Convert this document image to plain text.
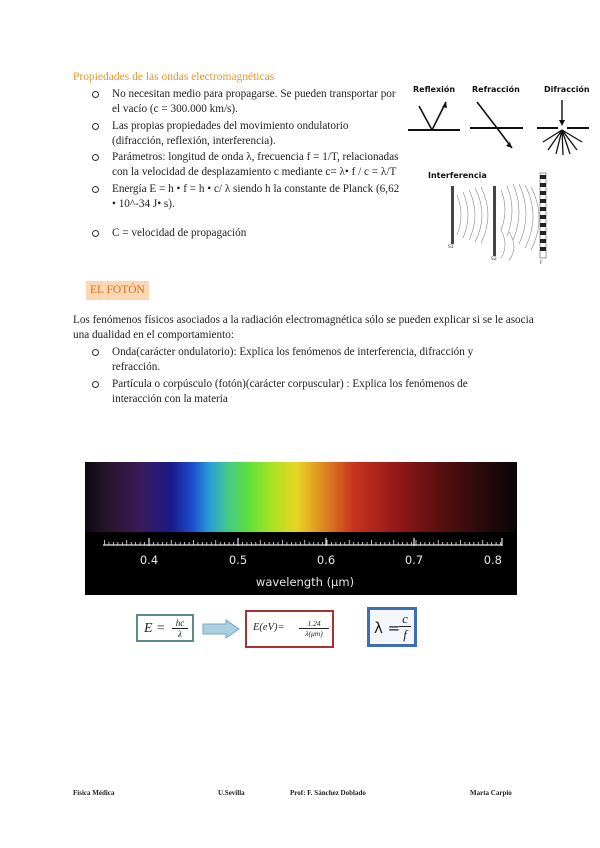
Propiedades de las ondas electromagnéticas
No necesitan medio para propagarse. Se pueden transportar por el vacío (c = 300.000 km/s).
Las propias propiedades del movimiento ondulatorio (difracción, reflexión, interferencia).
Parámetros: longitud de onda λ, frecuencia f = 1/T, relacionadas con la velocidad de desplazamiento c mediante c= λ• f / c = λ/T
Energía E = h • f = h • c/ λ siendo h la constante de Planck (6,62 • 10^-34 J• s).
C = velocidad de propagación
Reflexión Refracción	Difracción
Interferencia
S1
S2
F
EL FOTÓN
Los fenómenos físicos asociados a la radiación electromagnética sólo se pueden explicar si se le asocia una dualidad en el comportamiento:
Onda(carácter ondulatorio): Explica los fenómenos de interferencia, difracción y refracción.
Partícula o corpúsculo (fotón)(carácter corpuscular) : Explica los fenómenos de interacción con la materia
0.4	0.5	0.6	0.7	0.8
wavelength (μm)
$E = \frac{hc}{\lambda}$	$E(eV)= \frac{1.24}{\lambda(\mu m)}$	λ =
$\frac{c}{f}$
Física Médica	U.Sevilla	Prof: F. Sánchez Doblado	Marta Carpio
